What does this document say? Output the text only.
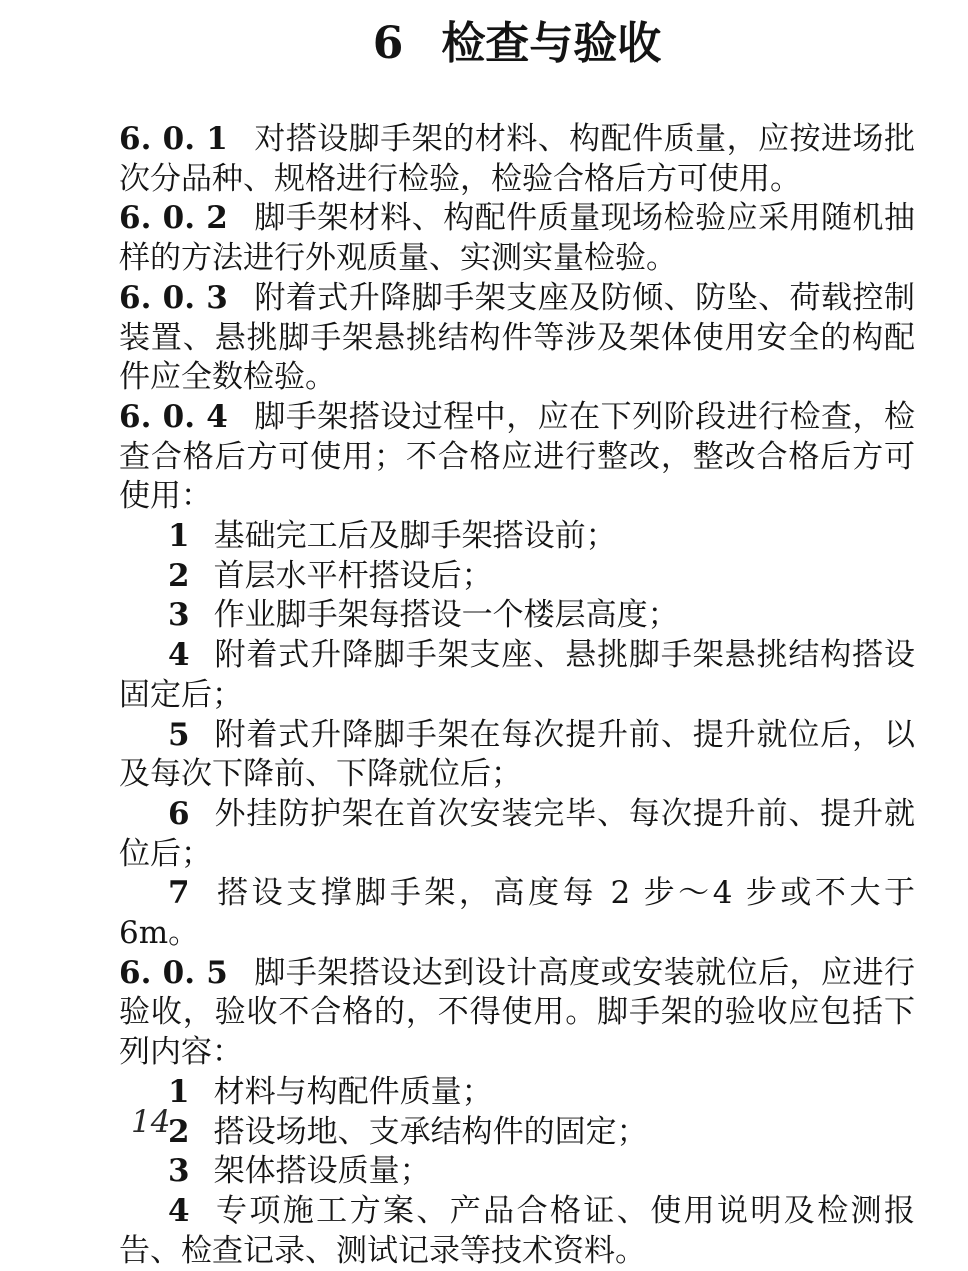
6 检查与验收

6. 0. 1 对搭设脚手架的材料、构配件质量，应按进场批次分品种、规格进行检验，检验合格后方可使用。

6. 0. 2 脚手架材料、构配件质量现场检验应采用随机抽样的方法进行外观质量、实测实量检验。

6. 0. 3 附着式升降脚手架支座及防倾、防坠、荷载控制装置、悬挑脚手架悬挑结构件等涉及架体使用安全的构配件应全数检验。

6. 0. 4 脚手架搭设过程中，应在下列阶段进行检查，检查合格后方可使用；不合格应进行整改，整改合格后方可使用：

1 基础完工后及脚手架搭设前；

2 首层水平杆搭设后；

3 作业脚手架每搭设一个楼层高度；

4 附着式升降脚手架支座、悬挑脚手架悬挑结构搭设固定后；

5 附着式升降脚手架在每次提升前、提升就位后，以及每次下降前、下降就位后；

6 外挂防护架在首次安装完毕、每次提升前、提升就位后；

7 搭设支撑脚手架，高度每 2 步～4 步或不大于 6m。

6. 0. 5 脚手架搭设达到设计高度或安装就位后，应进行验收，验收不合格的，不得使用。脚手架的验收应包括下列内容：

1 材料与构配件质量；

2 搭设场地、支承结构件的固定；

3 架体搭设质量；

4 专项施工方案、产品合格证、使用说明及检测报告、检查记录、测试记录等技术资料。

14
